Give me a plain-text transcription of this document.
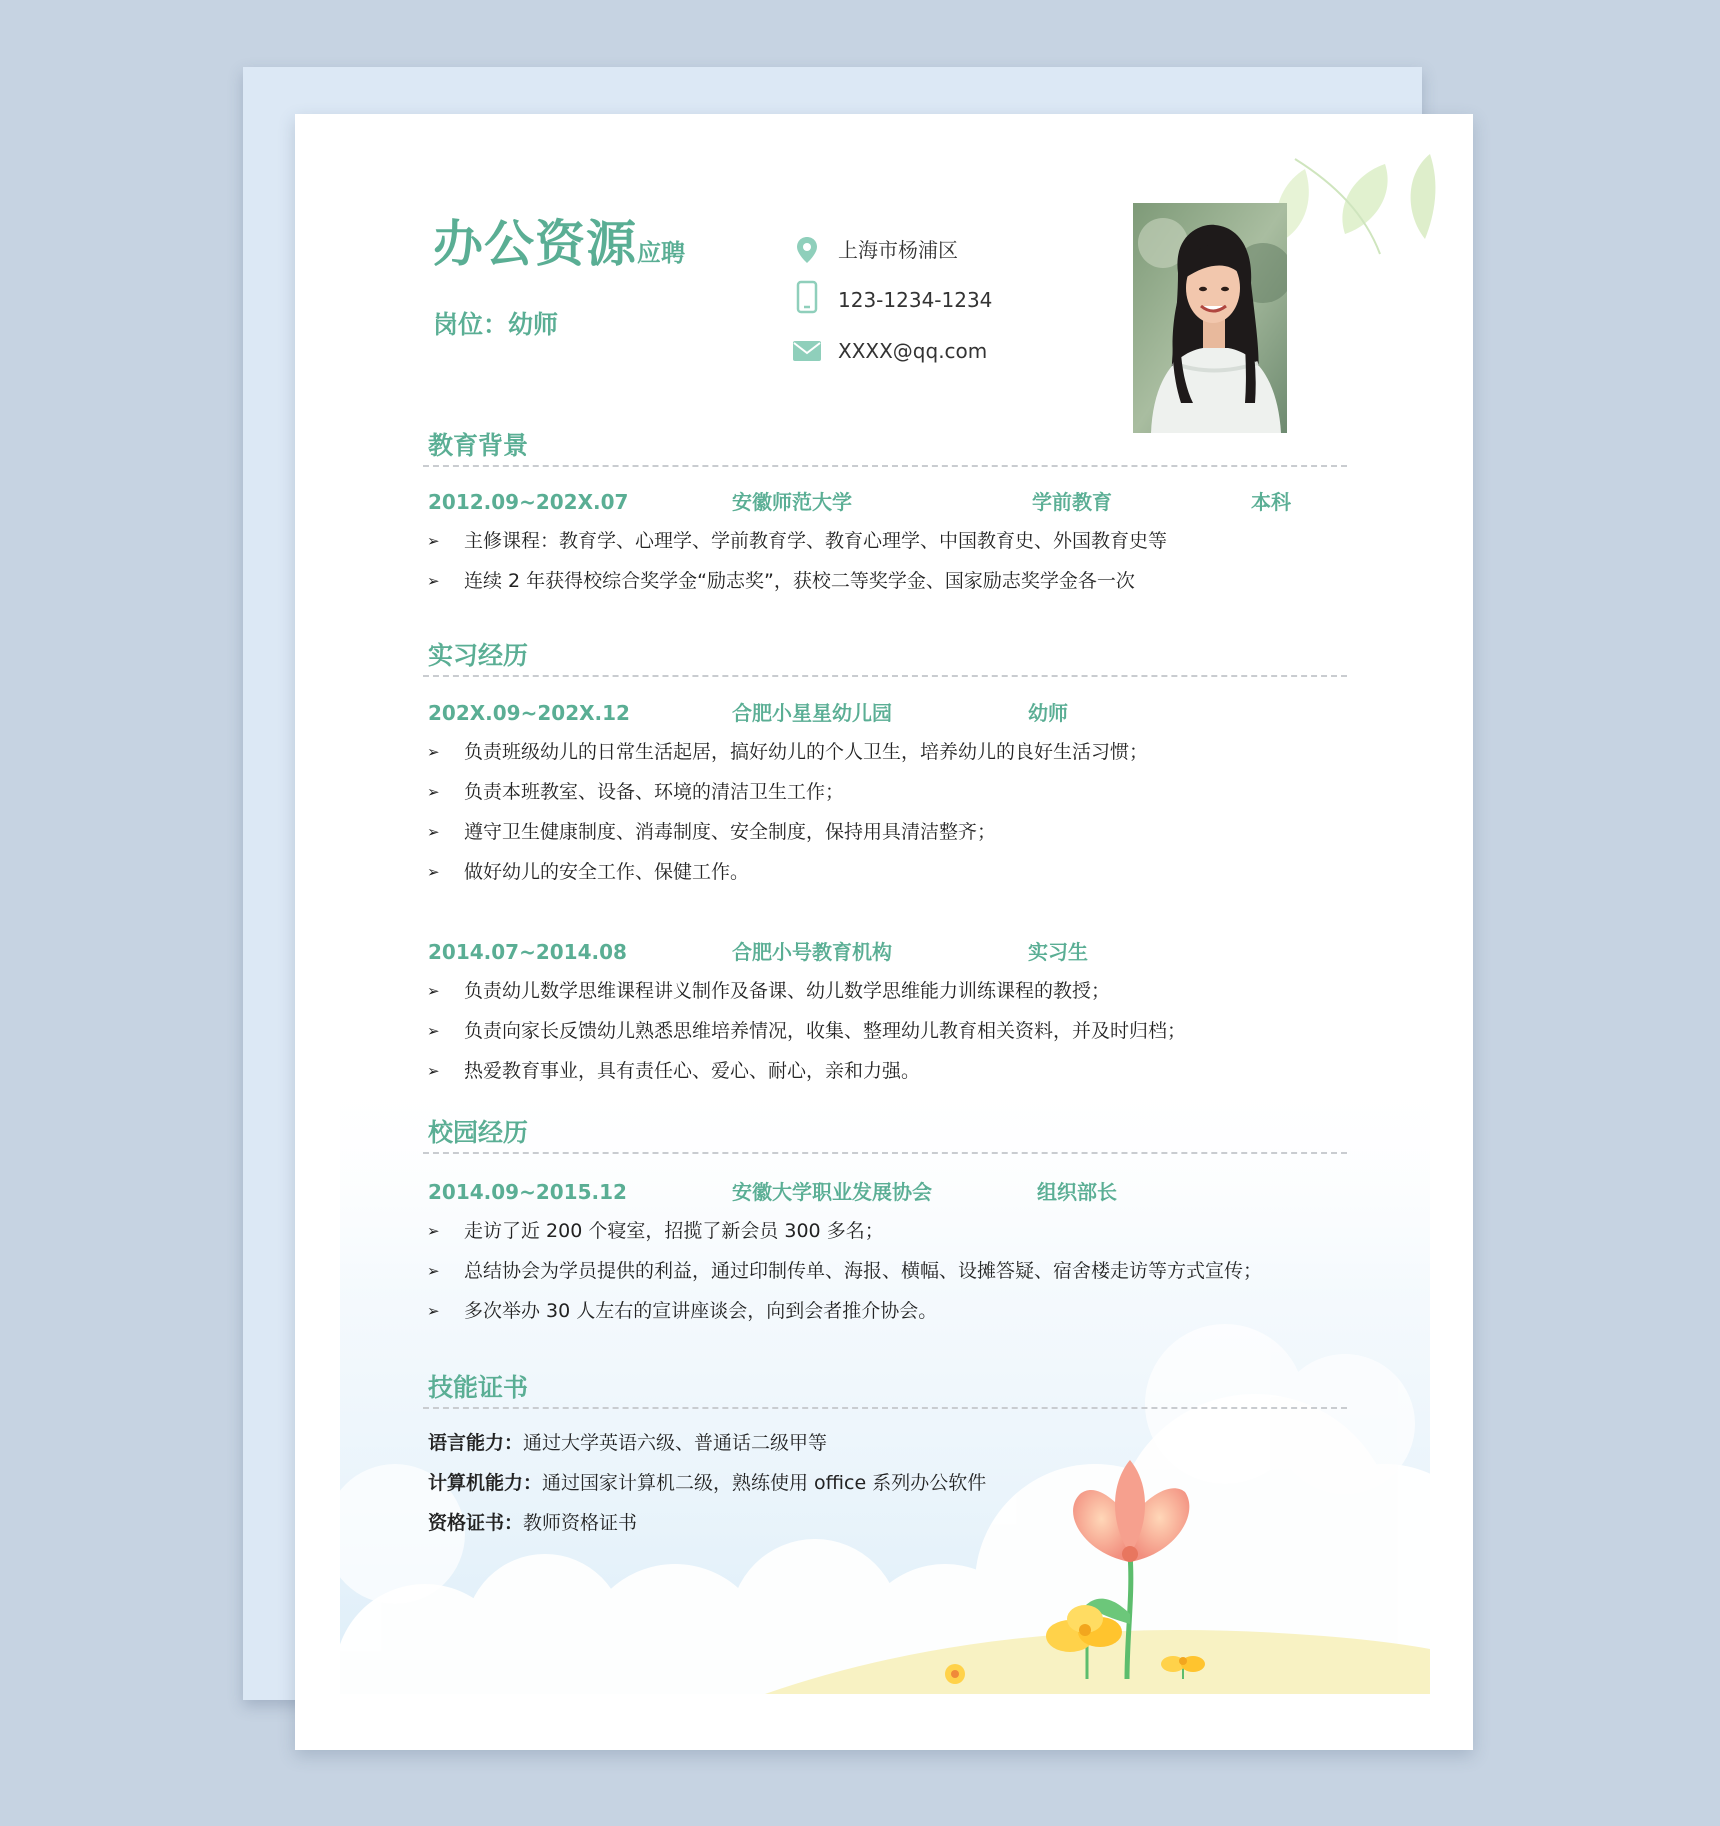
办公资源应聘
岗位：幼师
上海市杨浦区
123-1234-1234
XXXX@qq.com
教育背景
2012.09~202X.07	安徽师范大学	学前教育	本科
➢ 主修课程：教育学、心理学、学前教育学、教育心理学、中国教育史、外国教育史等
➢ 连续 2 年获得校综合奖学金“励志奖”，获校二等奖学金、国家励志奖学金各一次
实习经历
202X.09~202X.12	合肥小星星幼儿园	幼师
➢ 负责班级幼儿的日常生活起居，搞好幼儿的个人卫生，培养幼儿的良好生活习惯；
➢ 负责本班教室、设备、环境的清洁卫生工作；
➢ 遵守卫生健康制度、消毒制度、安全制度，保持用具清洁整齐；
➢ 做好幼儿的安全工作、保健工作。
2014.07~2014.08	合肥小号教育机构	实习生
➢ 负责幼儿数学思维课程讲义制作及备课、幼儿数学思维能力训练课程的教授；
➢ 负责向家长反馈幼儿熟悉思维培养情况，收集、整理幼儿教育相关资料，并及时归档；
➢ 热爱教育事业，具有责任心、爱心、耐心，亲和力强。
校园经历
2014.09~2015.12	安徽大学职业发展协会	组织部长
➢ 走访了近 200 个寝室，招揽了新会员 300 多名；
➢ 总结协会为学员提供的利益，通过印制传单、海报、横幅、设摊答疑、宿舍楼走访等方式宣传；
➢ 多次举办 30 人左右的宣讲座谈会，向到会者推介协会。
技能证书
语言能力：通过大学英语六级、普通话二级甲等
计算机能力：通过国家计算机二级，熟练使用 office 系列办公软件
资格证书：教师资格证书
